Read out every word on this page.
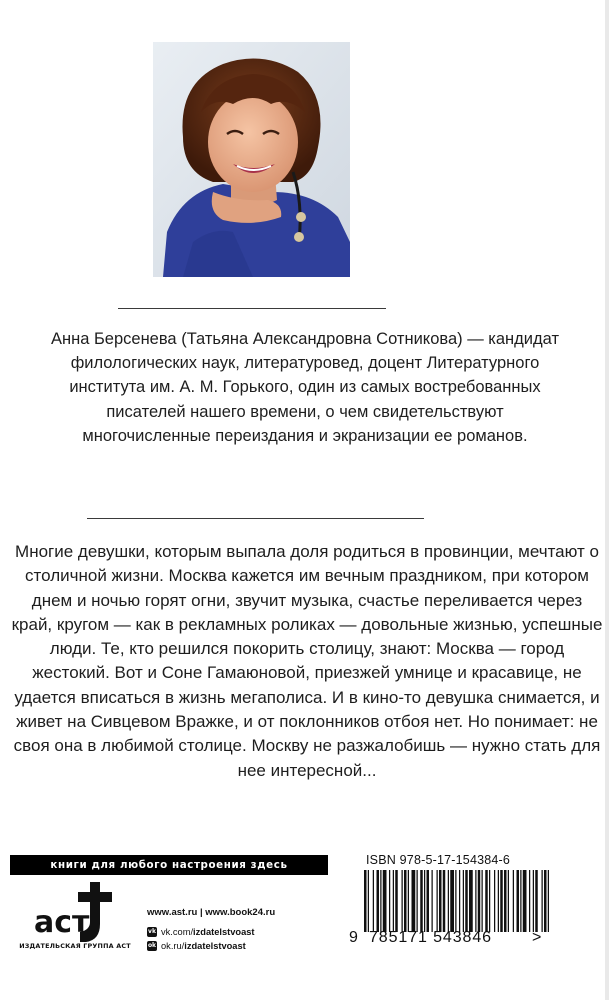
Анна Берсенева (Татьяна Александровна Сотникова) — кандидат филологических наук, литературовед, доцент Литературного института им. А. М. Горького, один из самых востребованных писателей нашего времени, о чем свидетельствуют многочисленные переиздания и экранизации ее романов.

Многие девушки, которым выпала доля родиться в провинции, мечтают о столичной жизни. Москва кажется им вечным праздником, при котором днем и ночью горят огни, звучит музыка, счастье переливается через край, кругом — как в рекламных роликах — довольные жизнью, успешные люди. Те, кто решился покорить столицу, знают: Москва — город жестокий. Вот и Соне Гамаюновой, приезжей умнице и красавице, не удается вписаться в жизнь мегаполиса. И в кино-то девушка снимается, и живет на Сивцевом Вражке, и от поклонников отбоя нет. Но понимает: не своя она в любимой столице. Москву не разжалобишь — нужно стать для нее интересной...

книги для любого настроения здесь
аст
ИЗДАТЕЛЬСКАЯ ГРУППА АСТ
www.ast.ru | www.book24.ru
vk vk.com/ izdatelstvoast
ok ok.ru/ izdatelstvoast
ISBN 978-5-17-154384-6
9 785171 543846	>
